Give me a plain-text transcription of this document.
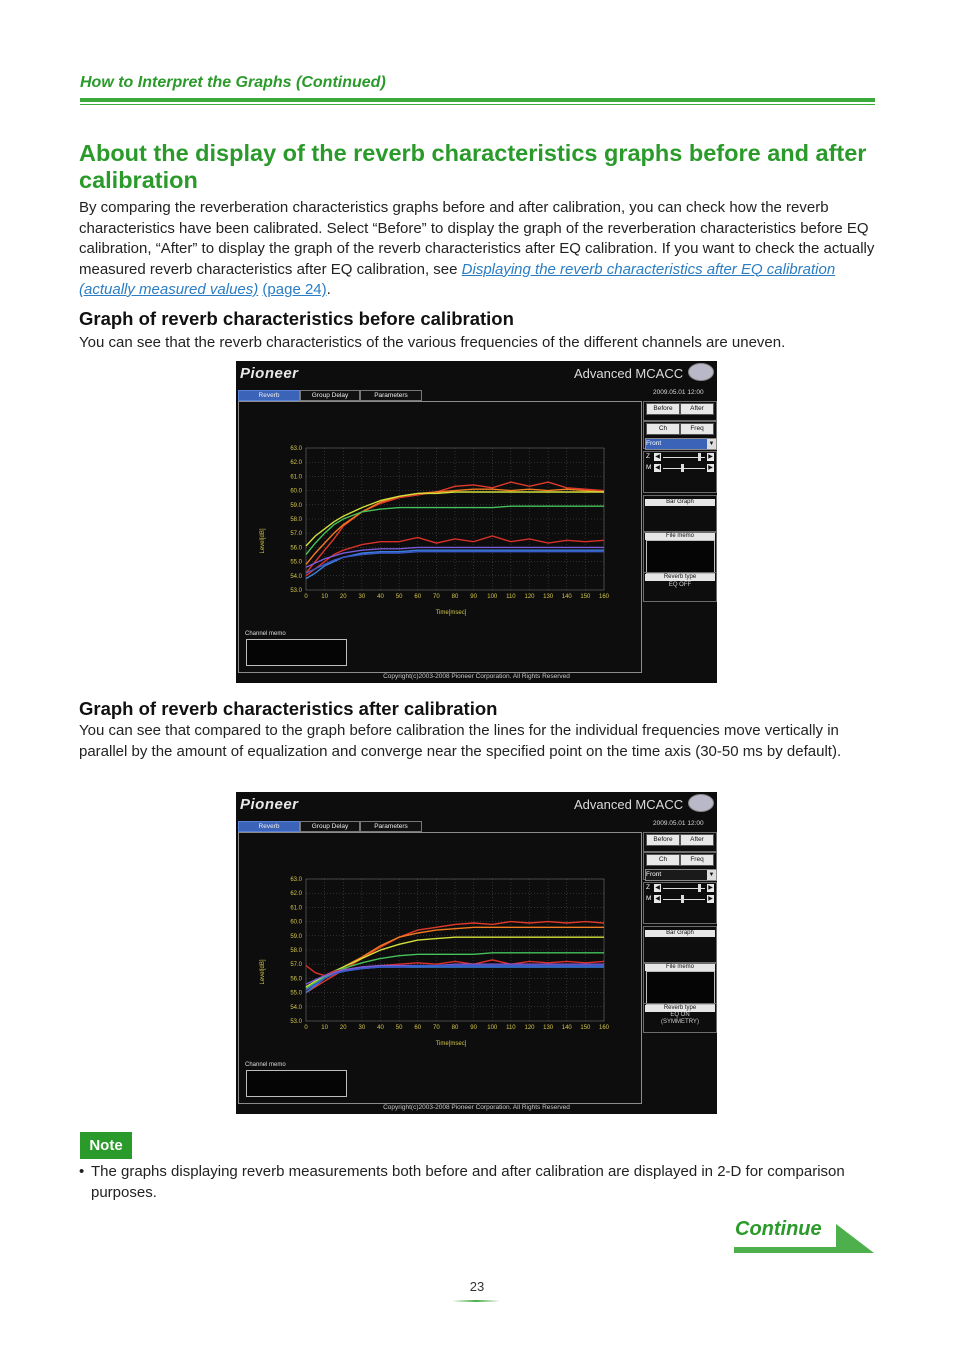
How to Interpret the Graphs (Continued)
About the display of the reverb characteristics graphs before and after calibration
By comparing the reverberation characteristics graphs before and after calibration, you can check how the reverb characteristics have been calibrated. Select “Before” to display the graph of the reverberation characteristics before EQ calibration, “After” to display the graph of the reverb characteristics after EQ calibration. If you want to check the actually measured reverb characteristics after EQ calibration, see Displaying the reverb characteristics after EQ calibration (actually measured values) (page 24).
Graph of reverb characteristics before calibration
You can see that the reverb characteristics of the various frequencies of the different channels are uneven.
Pioneer	Advanced MCACC
2009.05.01 12:00
Reverb	Group Delay	Parameters
0 10 20 30 40 50 60 70 80 90 100 110 120 130 140 150 160
53.0
54.0
55.0
56.0
57.0
58.0
59.0
60.0
61.0
62.0
63.0
Level[dB]
Time[msec]
Channel memo
Before	After
Ch	Freq
Front	▼
Z ◀	▶
M ◀	▶
Bar Graph
File memo
Reverb type
EQ OFF
Copyright(c)2003-2008 Pioneer Corporation. All Rights Reserved
Graph of reverb characteristics after calibration
You can see that compared to the graph before calibration the lines for the individual frequencies move vertically in parallel by the amount of equalization and converge near the specified point on the time axis (30-50 ms by default).
Pioneer	Advanced MCACC
2009.05.01 12:00
Reverb	Group Delay	Parameters
0 10 20 30 40 50 60 70 80 90 100 110 120 130 140 150 160
53.0
54.0
55.0
56.0
57.0
58.0
59.0
60.0
61.0
62.0
63.0
Level[dB]
Time[msec]
Channel memo
Before	After
Ch	Freq
Front	▼
Z ◀	▶
M ◀	▶
Bar Graph
File memo
Reverb type
EQ ON
(SYMMETRY)
Copyright(c)2003-2008 Pioneer Corporation. All Rights Reserved
Note
• The graphs displaying reverb measurements both before and after calibration are displayed in 2-D for comparison purposes.
Continue
23
